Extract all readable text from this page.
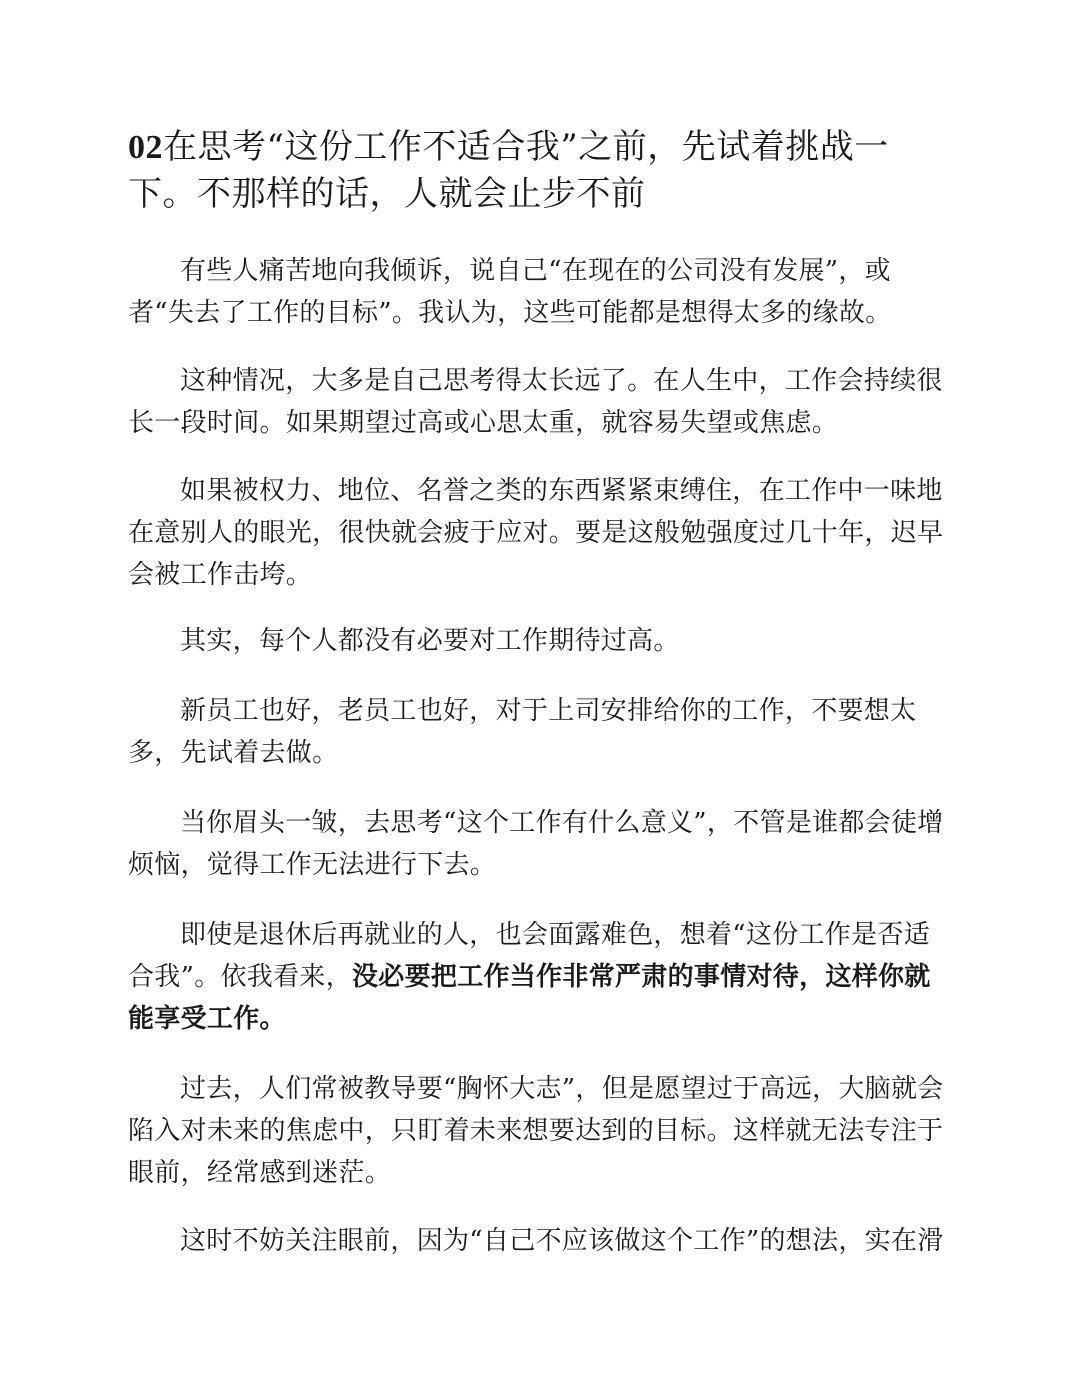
02在思考“这份工作不适合我”之前，先试着挑战一
下。不那样的话，人就会止步不前

有些人痛苦地向我倾诉，说自己“在现在的公司没有发展”，或者“失去了工作的目标”。我认为，这些可能都是想得太多的缘故。

这种情况，大多是自己思考得太长远了。在人生中，工作会持续很长一段时间。如果期望过高或心思太重，就容易失望或焦虑。

如果被权力、地位、名誉之类的东西紧紧束缚住，在工作中一味地在意别人的眼光，很快就会疲于应对。要是这般勉强度过几十年，迟早会被工作击垮。

其实，每个人都没有必要对工作期待过高。

新员工也好，老员工也好，对于上司安排给你的工作，不要想太多，先试着去做。

当你眉头一皱，去思考“这个工作有什么意义”，不管是谁都会徒增烦恼，觉得工作无法进行下去。

即使是退休后再就业的人，也会面露难色，想着“这份工作是否适合我”。依我看来，没必要把工作当作非常严肃的事情对待，这样你就能享受工作。

过去，人们常被教导要“胸怀大志”，但是愿望过于高远，大脑就会陷入对未来的焦虑中，只盯着未来想要达到的目标。这样就无法专注于眼前，经常感到迷茫。

这时不妨关注眼前，因为“自己不应该做这个工作”的想法，实在滑
